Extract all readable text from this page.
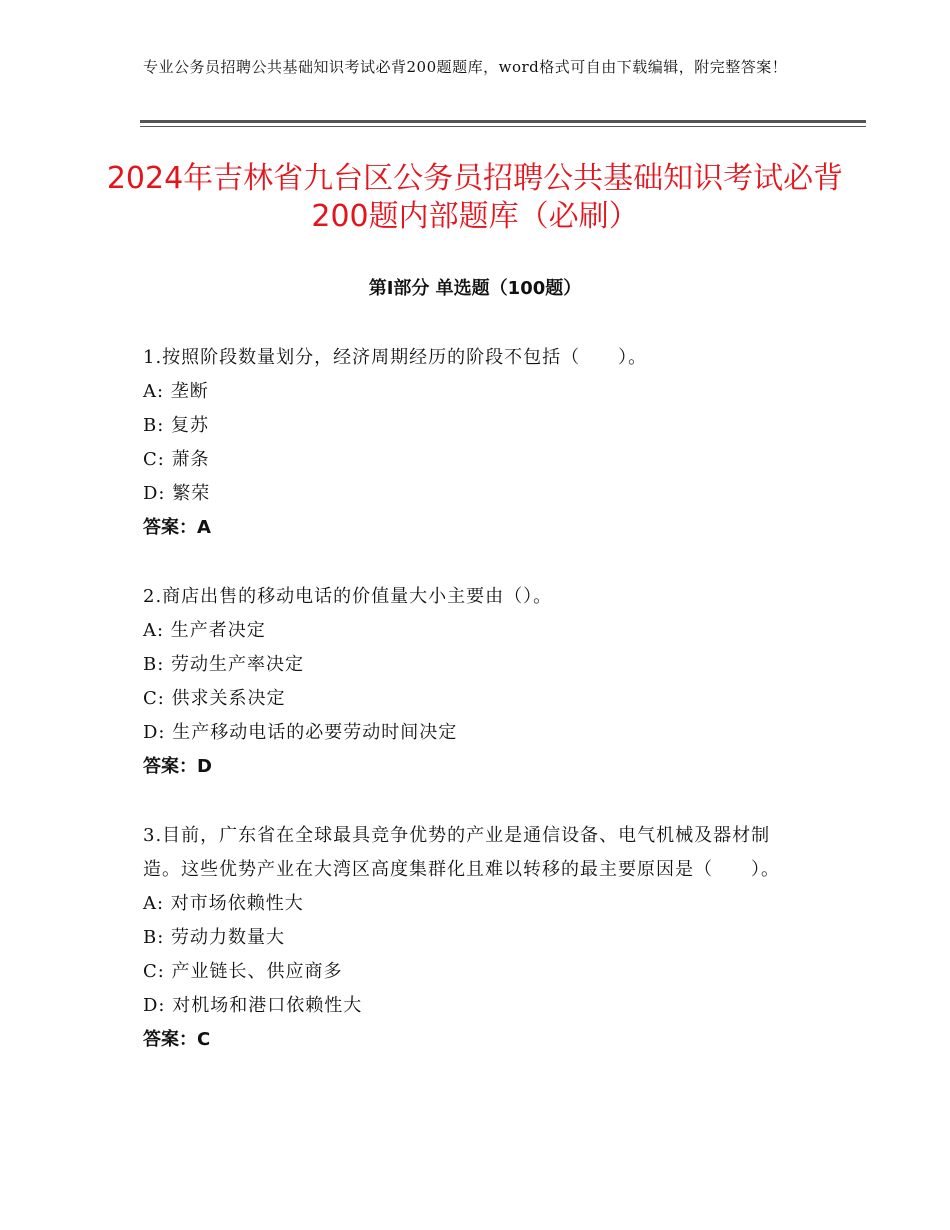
专业公务员招聘公共基础知识考试必背200题题库，word格式可自由下载编辑，附完整答案！
2024年吉林省九台区公务员招聘公共基础知识考试必背200题内部题库（必刷）
第Ⅰ部分 单选题（100题）

1.按照阶段数量划分，经济周期经历的阶段不包括（　　）。

A: 垄断

B: 复苏

C: 萧条

D: 繁荣

答案：A

2.商店出售的移动电话的价值量大小主要由（）。

A: 生产者决定

B: 劳动生产率决定

C: 供求关系决定

D: 生产移动电话的必要劳动时间决定

答案：D

3.目前，广东省在全球最具竞争优势的产业是通信设备、电气机械及器材制造。这些优势产业在大湾区高度集群化且难以转移的最主要原因是（　　）。

A: 对市场依赖性大

B: 劳动力数量大

C: 产业链长、供应商多

D: 对机场和港口依赖性大

答案：C
